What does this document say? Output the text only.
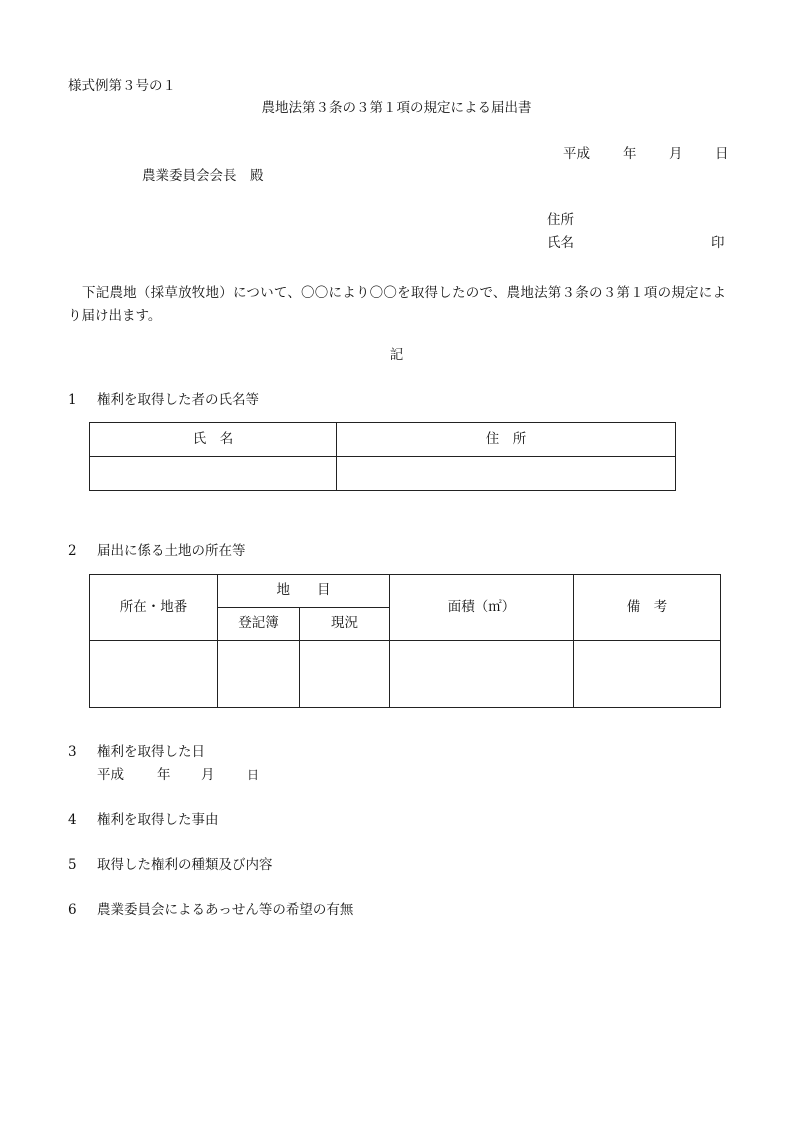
様式例第３号の１
農地法第３条の３第１項の規定による届出書
平成 年 月 日
農業委員会会長　殿
住所
氏名	印
下記農地（採草放牧地）について、〇〇により〇〇を取得したので、農地法第３条の３第１項の規定により届け出ます。
記
1 権利を取得した者の氏名等
氏　名	住　所

2 届出に係る土地の所在等
所在・地番	地　　目		面積（㎡）	備　考
	登記簿	現況		

3 権利を取得した日
平成 年 月	日
4 権利を取得した事由
5 取得した権利の種類及び内容
6 農業委員会によるあっせん等の希望の有無
